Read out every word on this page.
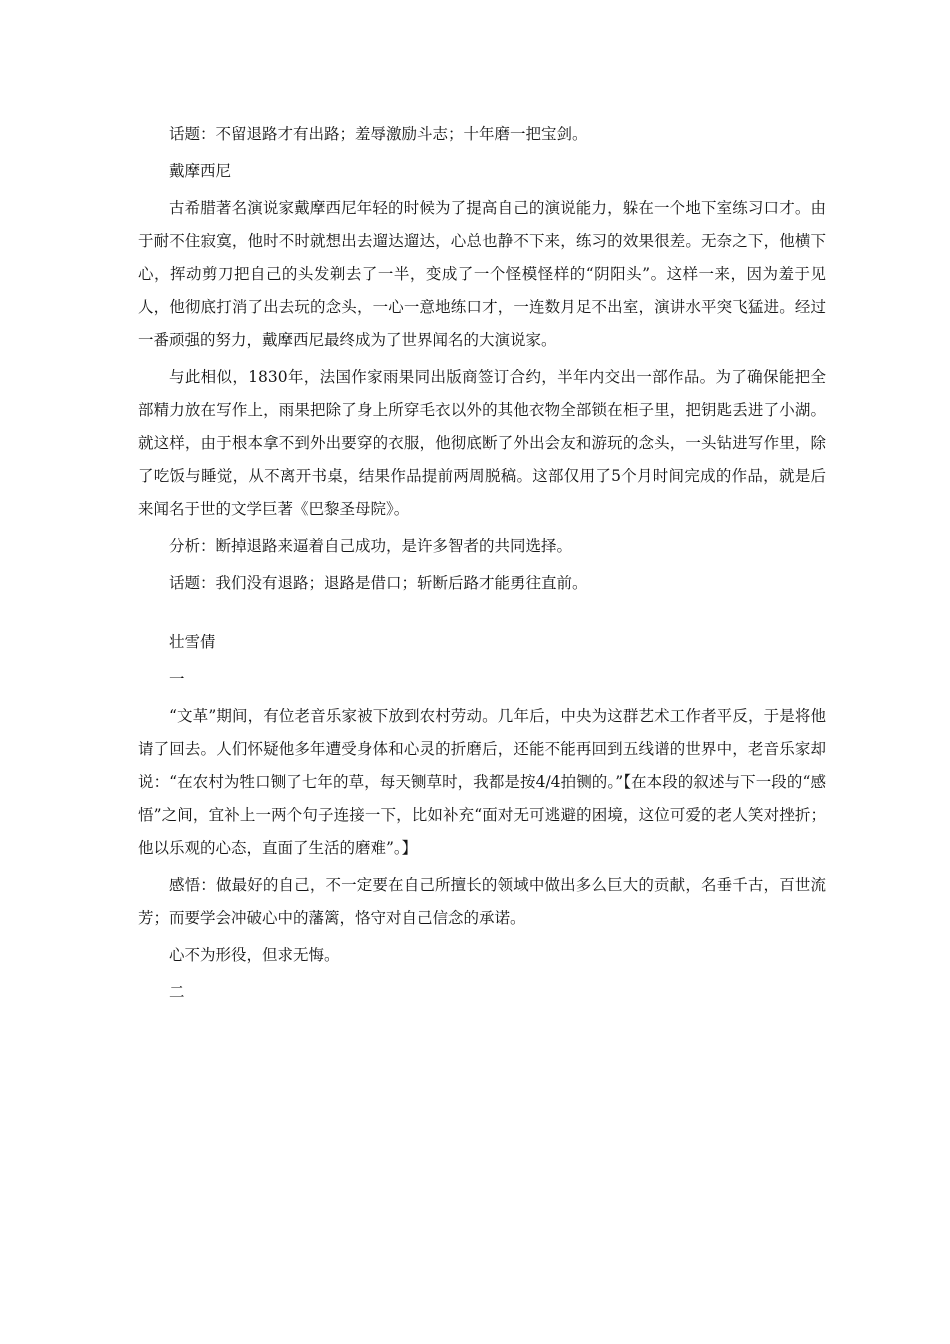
话题：不留退路才有出路；羞辱激励斗志；十年磨一把宝剑。

戴摩西尼

古希腊著名演说家戴摩西尼年轻的时候为了提高自己的演说能力，躲在一个地下室练习口才。由于耐不住寂寞，他时不时就想出去遛达遛达，心总也静不下来，练习的效果很差。无奈之下，他横下心，挥动剪刀把自己的头发剃去了一半，变成了一个怪模怪样的“阴阳头”。这样一来，因为羞于见人，他彻底打消了出去玩的念头，一心一意地练口才，一连数月足不出室，演讲水平突飞猛进。经过一番顽强的努力，戴摩西尼最终成为了世界闻名的大演说家。

与此相似，1830年，法国作家雨果同出版商签订合约，半年内交出一部作品。为了确保能把全部精力放在写作上，雨果把除了身上所穿毛衣以外的其他衣物全部锁在柜子里，把钥匙丢进了小湖。就这样，由于根本拿不到外出要穿的衣服，他彻底断了外出会友和游玩的念头，一头钻进写作里，除了吃饭与睡觉，从不离开书桌，结果作品提前两周脱稿。这部仅用了5个月时间完成的作品，就是后来闻名于世的文学巨著《巴黎圣母院》。

分析：断掉退路来逼着自己成功，是许多智者的共同选择。

话题：我们没有退路；退路是借口；斩断后路才能勇往直前。

壮雪倩

一

“文革”期间，有位老音乐家被下放到农村劳动。几年后，中央为这群艺术工作者平反，于是将他请了回去。人们怀疑他多年遭受身体和心灵的折磨后，还能不能再回到五线谱的世界中，老音乐家却说：“在农村为牲口铡了七年的草，每天铡草时，我都是按4/4拍铡的。”【在本段的叙述与下一段的“感悟”之间，宜补上一两个句子连接一下，比如补充“面对无可逃避的困境，这位可爱的老人笑对挫折；他以乐观的心态，直面了生活的磨难”。】

感悟：做最好的自己，不一定要在自己所擅长的领域中做出多么巨大的贡献，名垂千古，百世流芳；而要学会冲破心中的藩篱，恪守对自己信念的承诺。

心不为形役，但求无悔。

二
